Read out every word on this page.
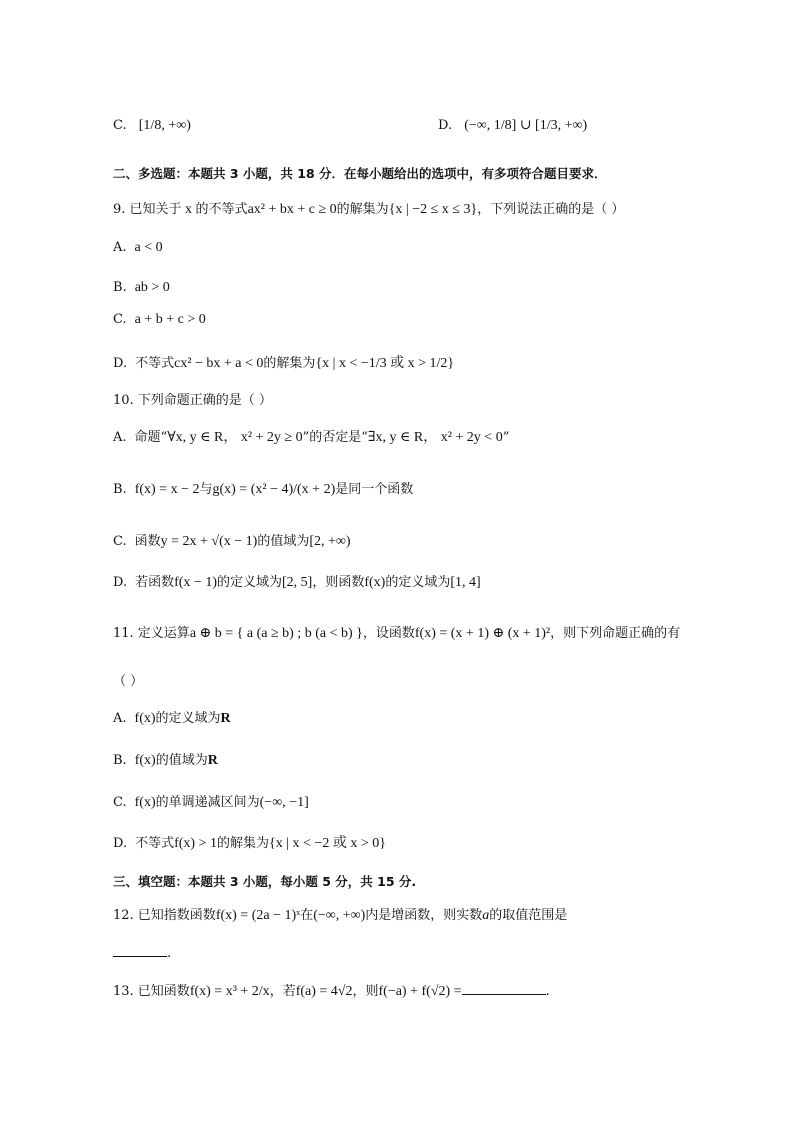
C. [1/8, +∞)	D. (−∞, 1/8] ∪ [1/3, +∞)
二、多选题：本题共 3 小题，共 18 分．在每小题给出的选项中，有多项符合题目要求．
9. 已知关于 x 的不等式ax² + bx + c ≥ 0的解集为{x | −2 ≤ x ≤ 3}，下列说法正确的是（ ）
A. a < 0
B. ab > 0
C. a + b + c > 0
D. 不等式cx² − bx + a < 0的解集为{x | x < −1/3 或 x > 1/2}
10. 下列命题正确的是（ ）
A. 命题“∀x, y ∈ R， x² + 2y ≥ 0”的否定是“∃x, y ∈ R， x² + 2y < 0”
B. f(x) = x − 2与g(x) = (x² − 4)/(x + 2)是同一个函数
C. 函数y = 2x + √(x − 1)的值域为[2, +∞)
D. 若函数f(x − 1)的定义域为[2, 5]，则函数f(x)的定义域为[1, 4]
11. 定义运算a ⊕ b = { a (a ≥ b) ; b (a < b) }，设函数f(x) = (x + 1) ⊕ (x + 1)²，则下列命题正确的有
（ ）
A. f(x)的定义域为R
B. f(x)的值域为R
C. f(x)的单调递减区间为(−∞, −1]
D. 不等式f(x) > 1的解集为{x | x < −2 或 x > 0}
三、填空题：本题共 3 小题，每小题 5 分，共 15 分.
12. 已知指数函数f(x) = (2a − 1)ˣ在(−∞, +∞)内是增函数，则实数a的取值范围是
.
13. 已知函数f(x) = x³ + 2/x，若f(a) = 4√2，则f(−a) + f(√2) =	.
